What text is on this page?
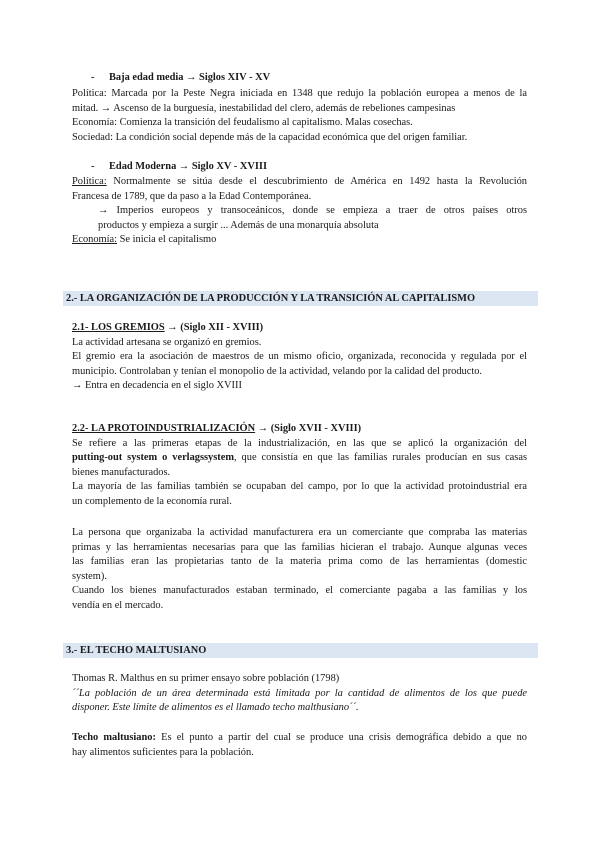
- Baja edad media → Siglos XIV - XV
Política: Marcada por la Peste Negra iniciada en 1348 que redujo la población europea a menos de la
mitad. → Ascenso de la burguesía, inestabilidad del clero, además de rebeliones campesinas
Economía: Comienza la transición del feudalismo al capitalismo. Malas cosechas.
Sociedad: La condición social depende más de la capacidad económica que del origen familiar.
- Edad Moderna → Siglo XV - XVIII
Política: Normalmente se sitúa desde el descubrimiento de América en 1492 hasta la Revolución
Francesa de 1789, que da paso a la Edad Contemporánea.
→ Imperios europeos y transoceánicos, donde se empieza a traer de otros países otros
productos y empieza a surgir ... Además de una monarquía absoluta
Economía: Se inicia el capitalismo
2.- LA ORGANIZACIÓN DE LA PRODUCCIÓN Y LA TRANSICIÓN AL CAPITALISMO
2.1- LOS GREMIOS → (Siglo XII - XVIII)
La actividad artesana se organizó en gremios.
El gremio era la asociación de maestros de un mismo oficio, organizada, reconocida y regulada por el
municipio. Controlaban y tenían el monopolio de la actividad, velando por la calidad del producto.
→ Entra en decadencia en el siglo XVIII
2.2- LA PROTOINDUSTRIALIZACIÓN → (Siglo XVII - XVIII)
Se refiere a las primeras etapas de la industrialización, en las que se aplicó la organización del
putting-out system o verlagssystem, que consistía en que las familias rurales producían en sus casas
bienes manufacturados.
La mayoría de las familias también se ocupaban del campo, por lo que la actividad protoindustrial era
un complemento de la economía rural.
La persona que organizaba la actividad manufacturera era un comerciante que compraba las materias
primas y las herramientas necesarias para que las familias hicieran el trabajo. Aunque algunas veces
las familias eran las propietarias tanto de la materia prima como de las herramientas (domestic
system).
Cuando los bienes manufacturados estaban terminado, el comerciante pagaba a las familias y los
vendía en el mercado.
3.- EL TECHO MALTUSIANO
Thomas R. Malthus en su primer ensayo sobre población (1798)
´´La población de un área determinada está limitada por la cantidad de alimentos de los que puede
disponer. Este límite de alimentos es el llamado techo malthusiano´´.
Techo maltusiano: Es el punto a partir del cual se produce una crisis demográfica debido a que no
hay alimentos suficientes para la población.
